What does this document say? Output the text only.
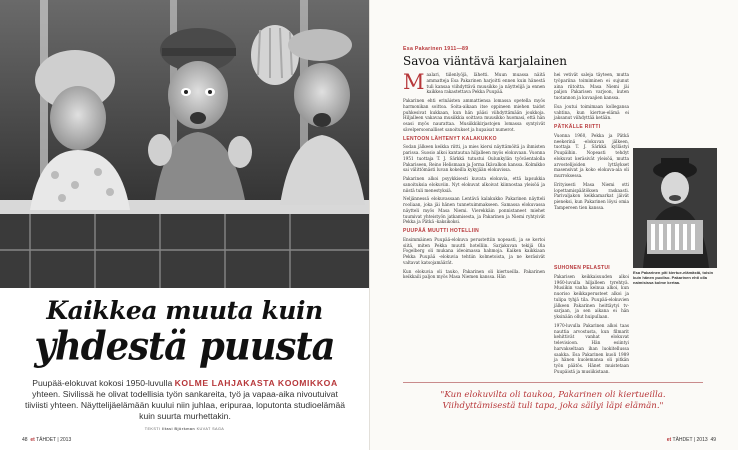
Kaikkea muuta kuin
yhdestä puusta
Puupää-elokuvat kokosi 1950-luvulla KOLME LAHJAKASTA KOOMIKKOA yhteen. Sivilissä he olivat todellisia työn sankareita, työ ja vapaa-aika nivoutuivat tiiviisti yhteen. Näyttelijäelämään kuului niin juhlaa, eripuraa, loputonta studioelämää kuin suurta murhettakin.
TEKSTI Iltasi Björkman KUVAT SAGA
48 et TÄHDET | 2013
Esa Pakarinen 1911—89
Savoa viäntävä karjalainen
M aalari, tiilenlyöjä, lähetti. Muun muassa näitä ammatteja Esa Pakarinen harjoitti ennen kuin hänestä tuli kansaa viihdyttävä muusikko ja näyttelijä ja ennen kaikkea rakastettava Pekka Puupää.

Pakarinen ehti erinäisten ammattiensa lomassa opetella myös harmonikan soittoa. Soita-aikaan itse oppineen miehen taidot puhkesivat kukkaan, kun hän pääsi viihdyttämään joukkoja. Hiljalleen vakavaa musiikkia soittava muusikko huomasi, että hän osasi myös naurattaa. Musiikkikirjastojen lomassa syntyivät sävelpersoonalliset sanoitukset ja hupaisat numerot.

LENTOON LÄHTENYT KALAKUKKO

Sodan jälkeen keikka riitti, ja mies kiersi näyttämöitä ja ihmisten parissa. Suosio alkoi kantautua hiljalleen myös elokuvaan. Vuonna 1951 tuottaja T. J. Särkkä tutustui Oulunkylän työväentalolla Pakariseen, Reino Helismaan ja Jorma Ikävalkon kanssa. Kolmikko sai välittömästi luvan kokeilla kykyjään elokuvissa.

Pakarinen alkoi psyykkisesti kuvata elokuvia, että lapsukkia sanoituksia elokuviin. Nyt elokuvat alkoivat kiinnostaa yleisöä ja niistä tuli menestyksiä.

Neljännessä elokuvassaan Lentävä kalakukko Pakarinen näytteli rooliaan, joka jäi hänen tunnetuimmakseen. Samassa elokuvassa näytteli myös Masa Niemi. Vierekkäin ponnistaneet miehet tuumivat yhteistyön jatkamisesta, ja Pakarinen ja Niemi ryhtyivät Pekka ja Pätkä -kaksikoksi.

PUUPÄÄ MUUTTI HOTELLIIN

Ensimmäinen Puupää-elokuva perustettiin nopeasti, ja se kertoi siitä, miten Pekka muutti hotelliin. Sarjakuvan tekijä Ola Fogelberg oli mukana ideoimassa hahmoja. Kaiken kaikkiaan Pekka Puupää -elokuvia tehtiin kolmetoista, ja ne keräsivät valtavat katsojamäärät.

Kun elokuvia oli tauko, Pakarinen oli kiertueilla. Pakarinen keikkaili paljon myös Masa Niemen kanssa. Hän

hei vetivät saleja täyteen, mutta työpariina toimiminen ei sujunut aina riitoitta. Masa Niemi jäi paljon Pakarisen varjoon, kuten tuotannon ja kuvaajien kanssa.

Esa joutui toimimaan kollegansa vahtina, kun kiertue-elämä ei jaksanut viihdyttää ketään.

PÄTKÄLLE RIITTI

Vuonna 1960, Pekka ja Pätkä neekerinä -elokuvan jälkeen, tuottaja T. J. Särkkä kyllästyi Puupäihin. Nopeasti tehdyt elokuvat keräsivät yleisöä, mutta arvostelijoiden lyttäykset masensivat ja koko elokuva-ala oli murroksessa.

Erityisesti Masa Niemi otti lopettamispäätöksen raskaasti. Parivaljakon keikkamarkat jäivät pieneksi, kun Pakarinen löysi omia Tampereen tien kanssa.

SUHONEN PELASTUI

Pakarisen keikkaisuuden alkoi 1960-luvulla hiljalleen tyrehtyä. Musiikin vanha keinua alkoi, kun nuoriso keikkaperusteet alkoi ja tulipa tyhjä tila. Puupää-elokuvien jälkeen Pakarinen heittäytyi tv-sarjaan, ja sen aikana ei hän yksinään ollut huipullaan.

1970-luvulla Pakarinen alkoi taas nauttia arvostusta, kun filmarit kehittivät vanhat elokuvat televisioon. Hän esiintyi harvakseltaan ihan luokitellussa saakka. Esa Pakarinen kuoli 1989 ja hänen kuolemansa oli pitkän työn päätös. Hänet muistetaan Puupäistä ja musiikistaan.

Esa Pakarinen piti kiertue-elämästä, toisin kuin hänen puoliso. Pakarinen ehti olla naimisissa kolme kertaa.
"Kun elokuvilta oli taukoa, Pakarinen oli kiertueilla. Viihdyttämisestä tuli tapa, joka säilyi läpi elämän."
et TÄHDET | 2013 49
